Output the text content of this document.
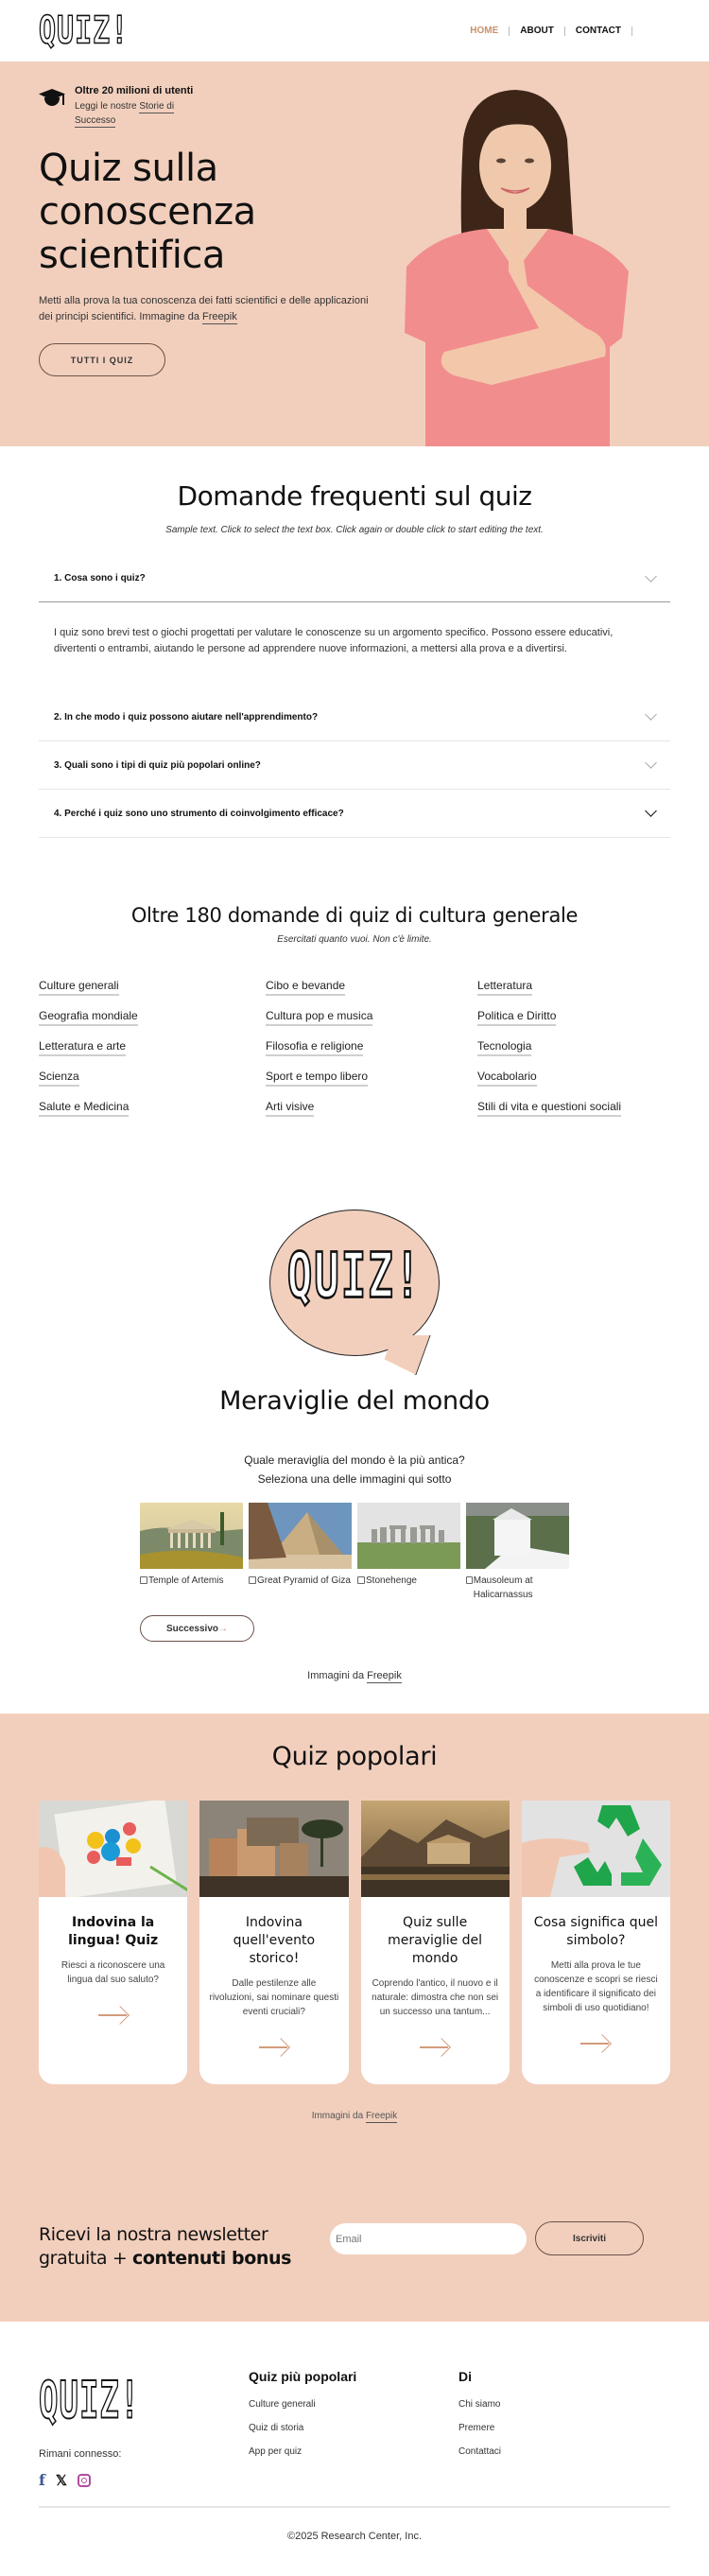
QUIZ!	HOME	ABOUT	CONTACT
Oltre 20 milioni di utenti
Leggi le nostre Storie di Successo
Quiz sulla conoscenza scientifica

Metti alla prova la tua conoscenza dei fatti scientifici e delle applicazioni dei principi scientifici. Immagine da Freepik

TUTTI I QUIZ
Domande frequenti sul quiz
Sample text. Click to select the text box. Click again or double click to start editing the text.
1. Cosa sono i quiz?
I quiz sono brevi test o giochi progettati per valutare le conoscenze su un argomento specifico. Possono essere educativi, divertenti o entrambi, aiutando le persone ad apprendere nuove informazioni, a mettersi alla prova e a divertirsi.
2. In che modo i quiz possono aiutare nell'apprendimento?
3. Quali sono i tipi di quiz più popolari online?
4. Perché i quiz sono uno strumento di coinvolgimento efficace?
Oltre 180 domande di quiz di cultura generale
Esercitati quanto vuoi. Non c'è limite.
Culture generali	Cibo e bevande	Letteratura
Geografia mondiale	Cultura pop e musica	Politica e Diritto
Letteratura e arte	Filosofia e religione	Tecnologia
Scienza	Sport e tempo libero	Vocabolario
Salute e Medicina	Arti visive	Stili di vita e questioni sociali
QUIZ!
Meraviglie del mondo
Quale meraviglia del mondo è la più antica?
Seleziona una delle immagini qui sotto
Temple of Artemis	Great Pyramid of Giza Stonehenge	Mausoleum at Halicarnassus
Successivo →
Immagini da Freepik
Quiz popolari
Indovina la lingua! Quiz

Riesci a riconoscere una lingua dal suo saluto?

Indovina quell'evento storico!

Dalle pestilenze alle rivoluzioni, sai nominare questi eventi cruciali?

Quiz sulle meraviglie del mondo

Coprendo l'antico, il nuovo e il naturale: dimostra che non sei un successo una tantum...

Cosa significa quel simbolo?

Metti alla prova le tue conoscenze e scopri se riesci a identificare il significato dei simboli di uso quotidiano!

Immagini da Freepik
Ricevi la nostra newsletter gratuita + contenuti bonus
Email
Iscriviti
QUIZ!
Rimani connesso:
f 𝕏
Quiz più popolari
Culture generali
Quiz di storia
App per quiz
Di
Chi siamo
Premere
Contattaci
©2025 Research Center, Inc.
